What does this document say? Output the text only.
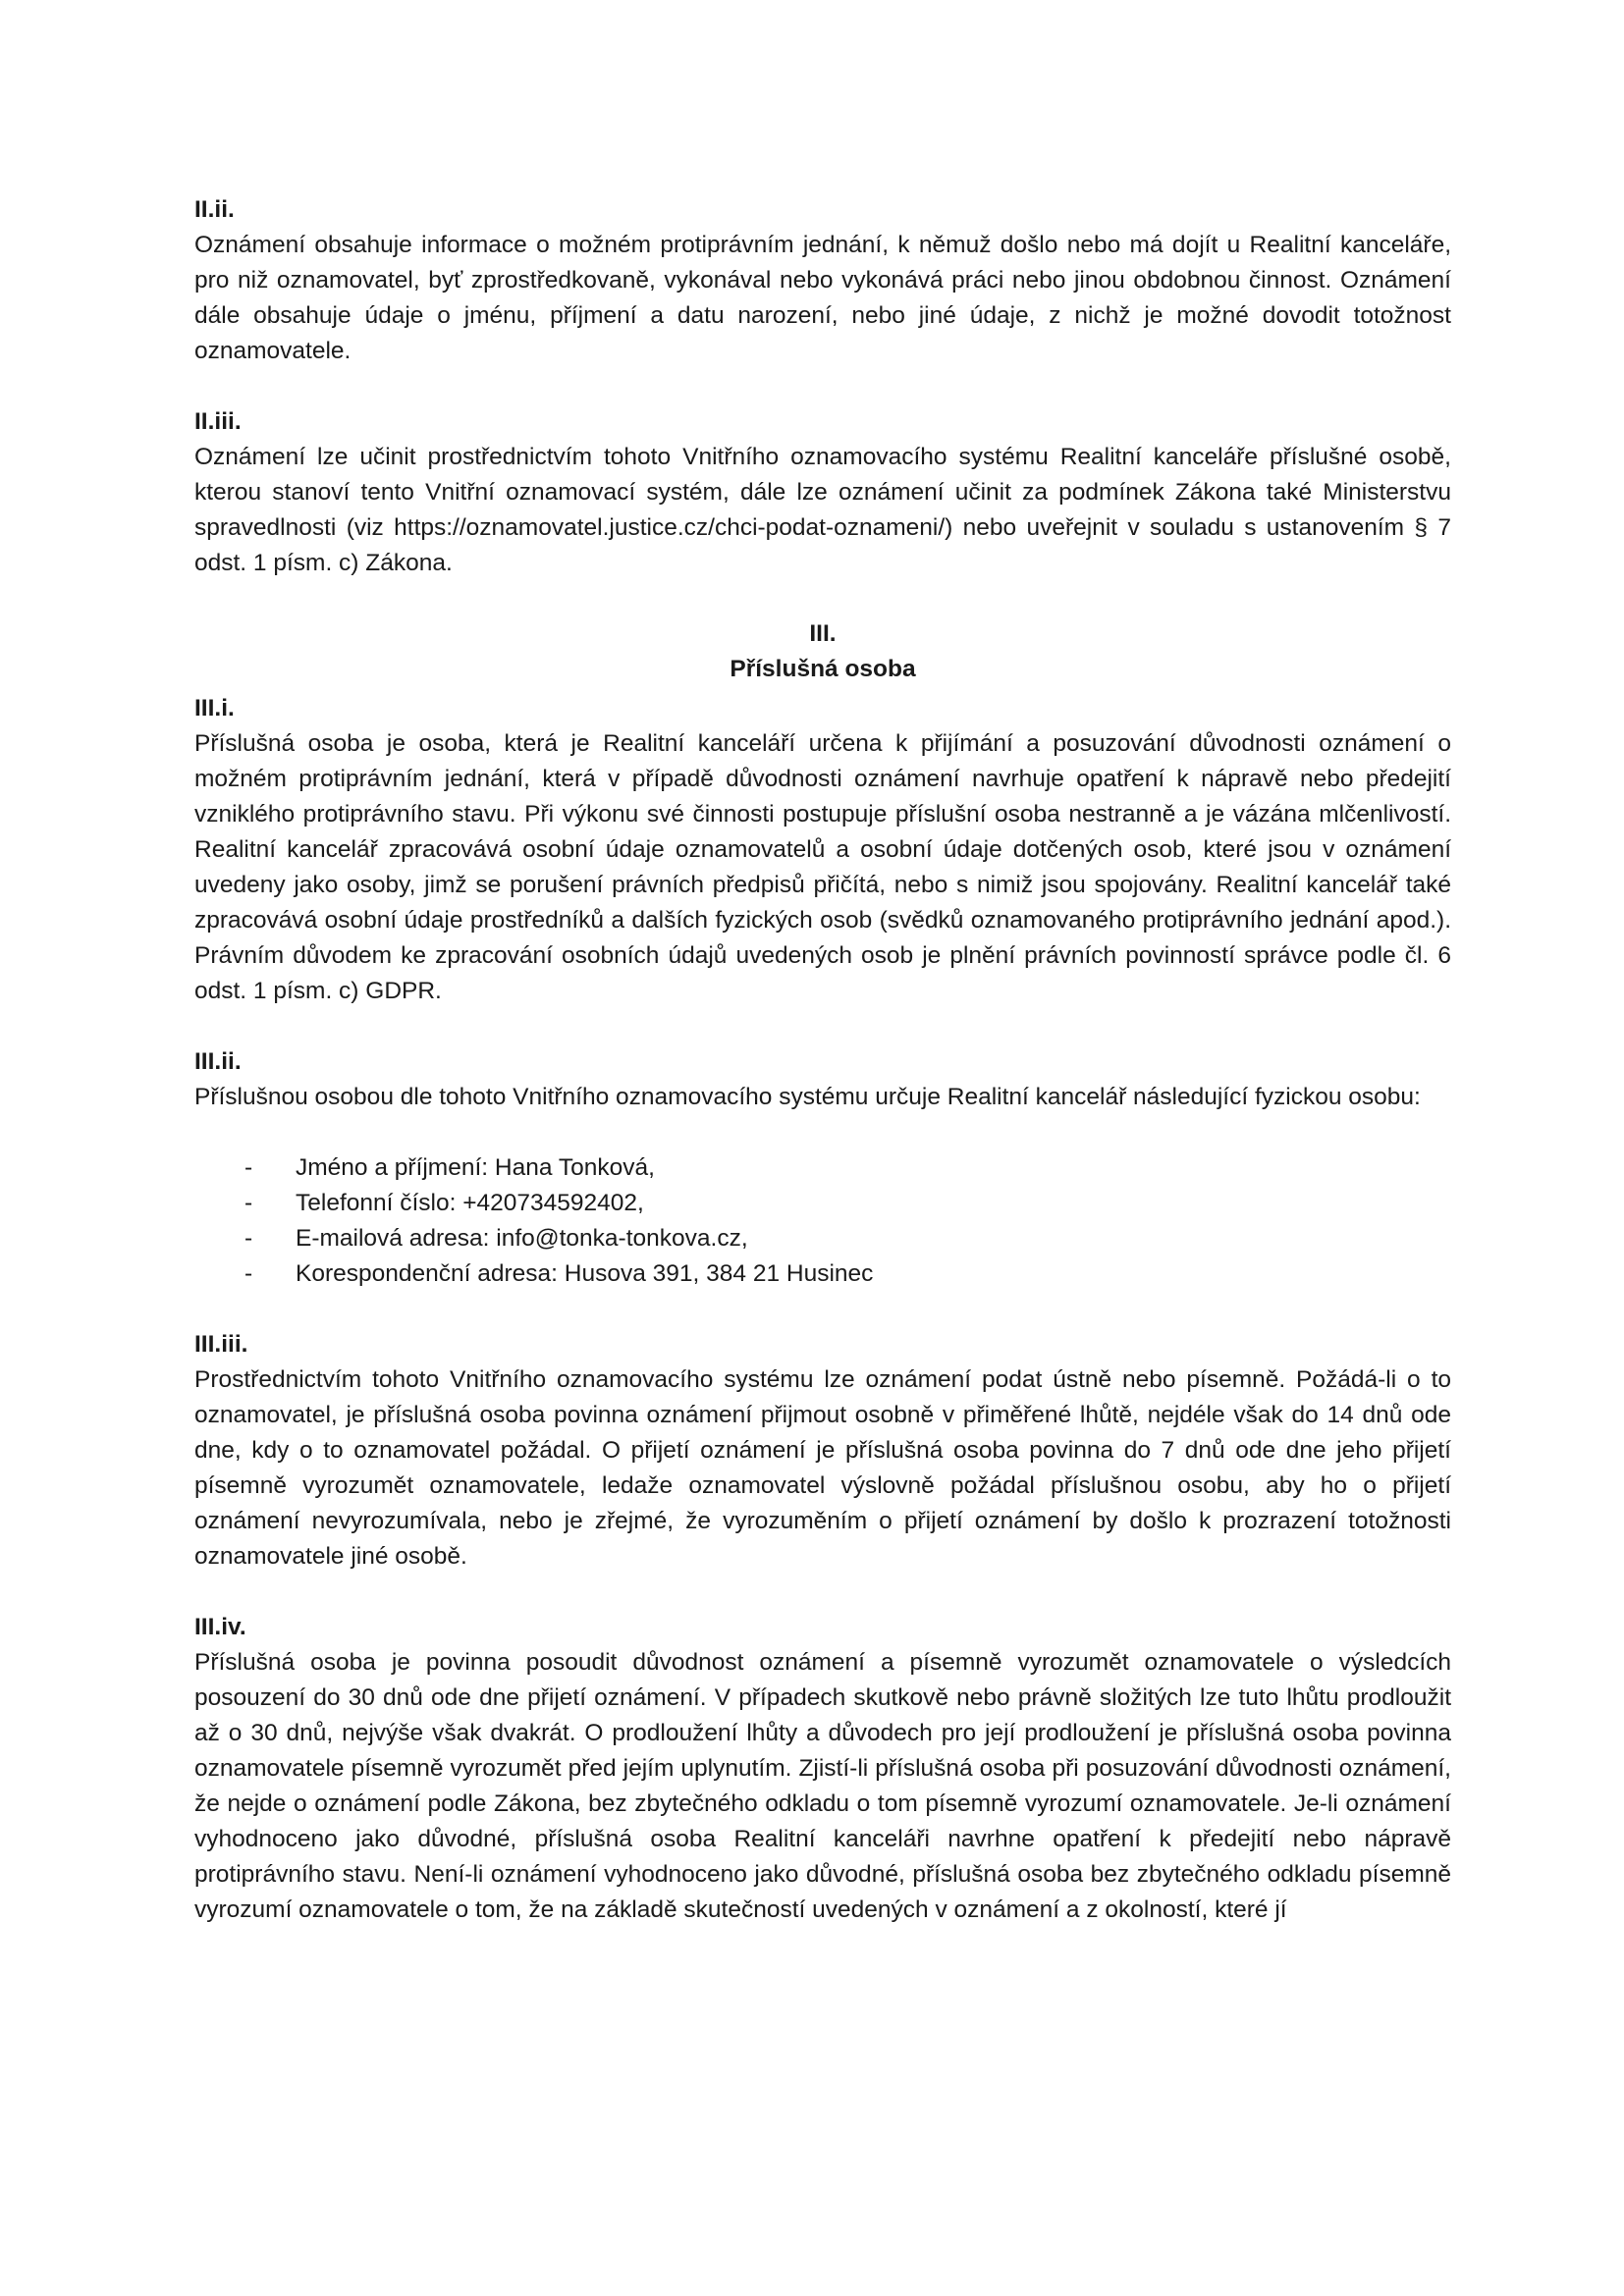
II.ii.

Oznámení obsahuje informace o možném protiprávním jednání, k němuž došlo nebo má dojít u Realitní kanceláře, pro niž oznamovatel, byť zprostředkovaně, vykonával nebo vykonává práci nebo jinou obdobnou činnost. Oznámení dále obsahuje údaje o jménu, příjmení a datu narození, nebo jiné údaje, z nichž je možné dovodit totožnost oznamovatele.

II.iii.

Oznámení lze učinit prostřednictvím tohoto Vnitřního oznamovacího systému Realitní kanceláře příslušné osobě, kterou stanoví tento Vnitřní oznamovací systém, dále lze oznámení učinit za podmínek Zákona také Ministerstvu spravedlnosti (viz https://oznamovatel.justice.cz/chci-podat-oznameni/) nebo uveřejnit v souladu s ustanovením § 7 odst. 1 písm. c) Zákona.

III.

Příslušná osoba

III.i.

Příslušná osoba je osoba, která je Realitní kanceláří určena k přijímání a posuzování důvodnosti oznámení o možném protiprávním jednání, která v případě důvodnosti oznámení navrhuje opatření k nápravě nebo předejití vzniklého protiprávního stavu. Při výkonu své činnosti postupuje příslušní osoba nestranně a je vázána mlčenlivostí. Realitní kancelář zpracovává osobní údaje oznamovatelů a osobní údaje dotčených osob, které jsou v oznámení uvedeny jako osoby, jimž se porušení právních předpisů přičítá, nebo s nimiž jsou spojovány. Realitní kancelář také zpracovává osobní údaje prostředníků a dalších fyzických osob (svědků oznamovaného protiprávního jednání apod.). Právním důvodem ke zpracování osobních údajů uvedených osob je plnění právních povinností správce podle čl. 6 odst. 1 písm. c) GDPR.

III.ii.

Příslušnou osobou dle tohoto Vnitřního oznamovacího systému určuje Realitní kancelář následující fyzickou osobu:

- Jméno a příjmení: Hana Tonková,
- Telefonní číslo: +420734592402,
- E-mailová adresa: info@tonka-tonkova.cz,
- Korespondenční adresa: Husova 391, 384 21 Husinec

III.iii.

Prostřednictvím tohoto Vnitřního oznamovacího systému lze oznámení podat ústně nebo písemně. Požádá-li o to oznamovatel, je příslušná osoba povinna oznámení přijmout osobně v přiměřené lhůtě, nejdéle však do 14 dnů ode dne, kdy o to oznamovatel požádal. O přijetí oznámení je příslušná osoba povinna do 7 dnů ode dne jeho přijetí písemně vyrozumět oznamovatele, ledaže oznamovatel výslovně požádal příslušnou osobu, aby ho o přijetí oznámení nevyrozumívala, nebo je zřejmé, že vyrozuměním o přijetí oznámení by došlo k prozrazení totožnosti oznamovatele jiné osobě.

III.iv.

Příslušná osoba je povinna posoudit důvodnost oznámení a písemně vyrozumět oznamovatele o výsledcích posouzení do 30 dnů ode dne přijetí oznámení. V případech skutkově nebo právně složitých lze tuto lhůtu prodloužit až o 30 dnů, nejvýše však dvakrát. O prodloužení lhůty a důvodech pro její prodloužení je příslušná osoba povinna oznamovatele písemně vyrozumět před jejím uplynutím. Zjistí-li příslušná osoba při posuzování důvodnosti oznámení, že nejde o oznámení podle Zákona, bez zbytečného odkladu o tom písemně vyrozumí oznamovatele. Je-li oznámení vyhodnoceno jako důvodné, příslušná osoba Realitní kanceláři navrhne opatření k předejití nebo nápravě protiprávního stavu. Není-li oznámení vyhodnoceno jako důvodné, příslušná osoba bez zbytečného odkladu písemně vyrozumí oznamovatele o tom, že na základě skutečností uvedených v oznámení a z okolností, které jí
